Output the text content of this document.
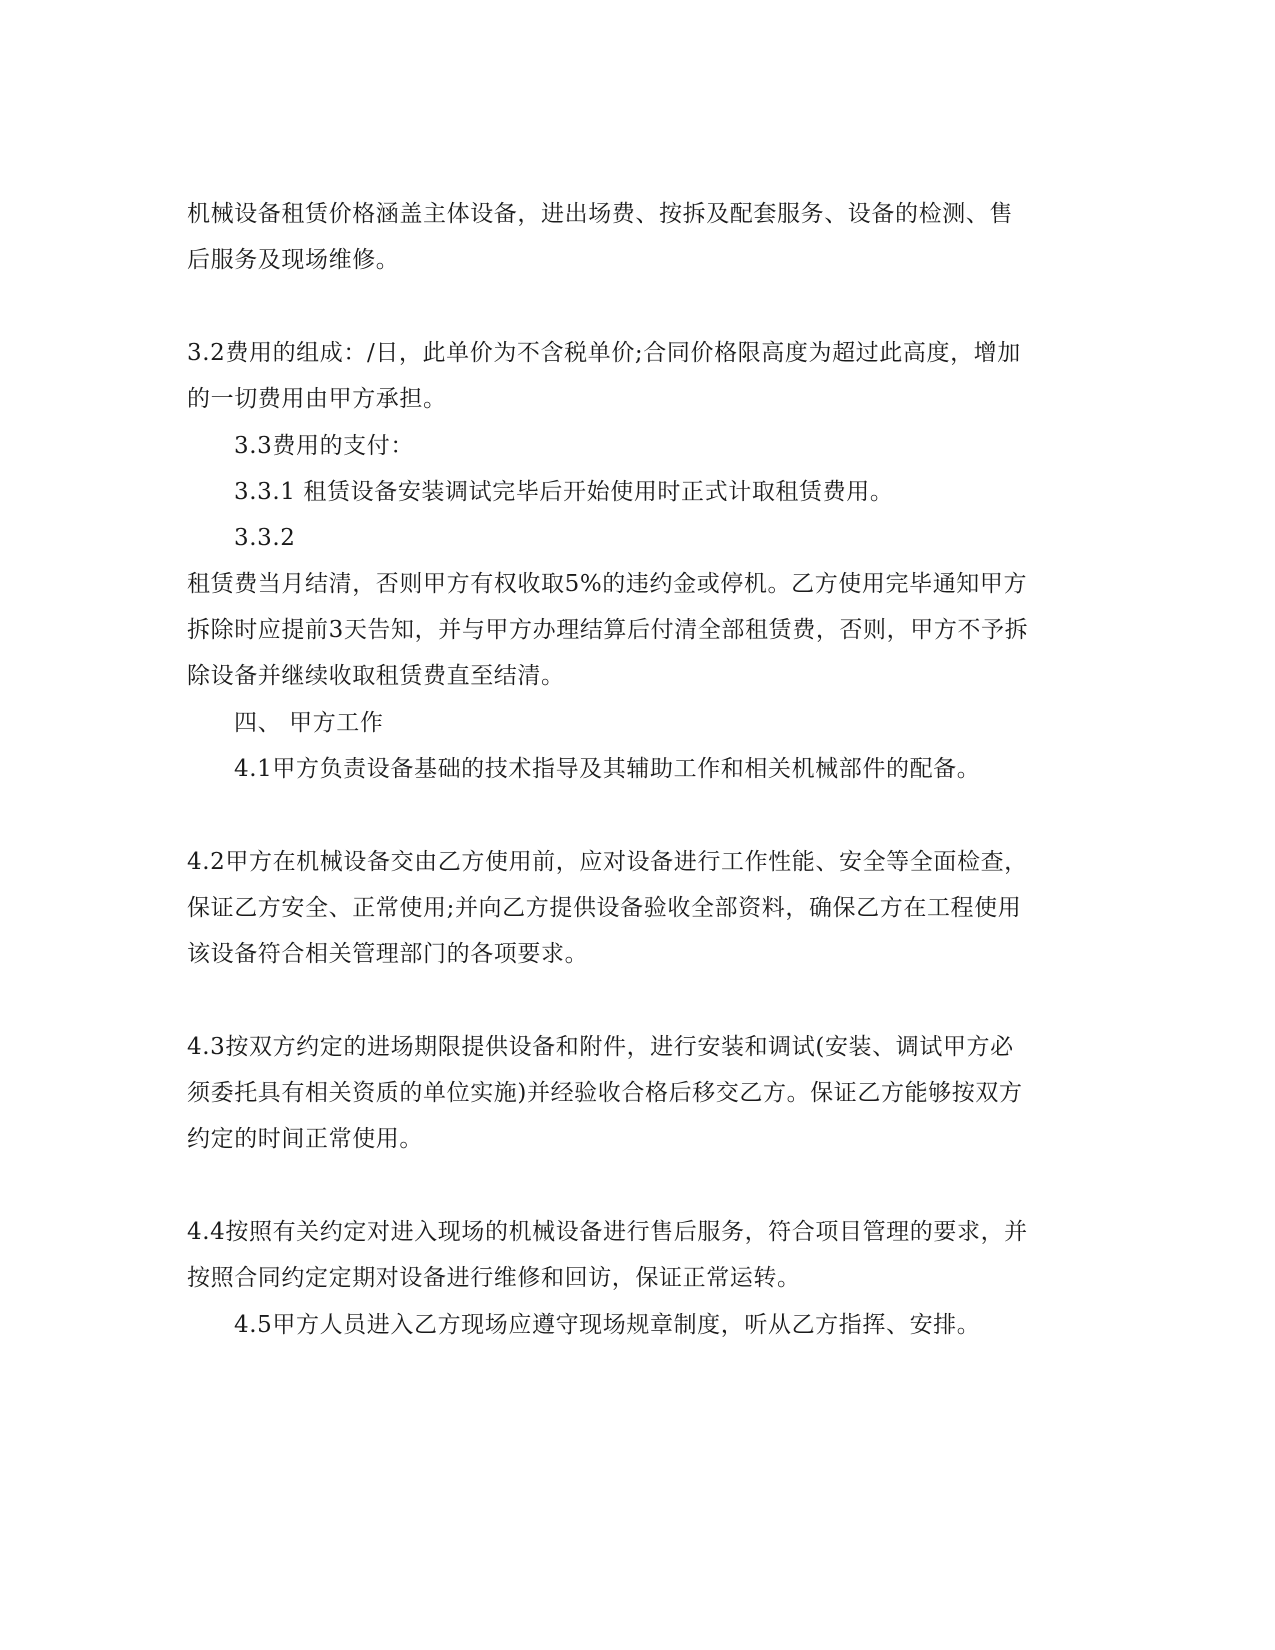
机械设备租赁价格涵盖主体设备，进出场费、按拆及配套服务、设备的检测、售
后服务及现场维修。
3.2费用的组成：/日，此单价为不含税单价;合同价格限高度为超过此高度，增加
的一切费用由甲方承担。
3.3费用的支付：
3.3.1 租赁设备安装调试完毕后开始使用时正式计取租赁费用。
3.3.2
租赁费当月结清，否则甲方有权收取5%的违约金或停机。乙方使用完毕通知甲方
拆除时应提前3天告知，并与甲方办理结算后付清全部租赁费，否则，甲方不予拆
除设备并继续收取租赁费直至结清。
四、 甲方工作
4.1甲方负责设备基础的技术指导及其辅助工作和相关机械部件的配备。
4.2甲方在机械设备交由乙方使用前，应对设备进行工作性能、安全等全面检查，
保证乙方安全、正常使用;并向乙方提供设备验收全部资料，确保乙方在工程使用
该设备符合相关管理部门的各项要求。
4.3按双方约定的进场期限提供设备和附件，进行安装和调试(安装、调试甲方必
须委托具有相关资质的单位实施)并经验收合格后移交乙方。保证乙方能够按双方
约定的时间正常使用。
4.4按照有关约定对进入现场的机械设备进行售后服务，符合项目管理的要求，并
按照合同约定定期对设备进行维修和回访，保证正常运转。
4.5甲方人员进入乙方现场应遵守现场规章制度，听从乙方指挥、安排。
